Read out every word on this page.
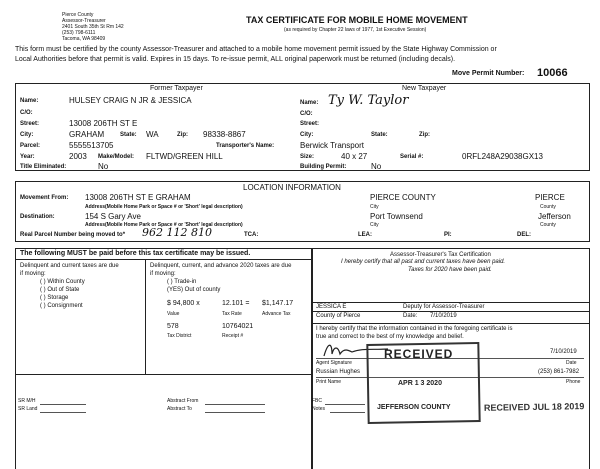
Pierce County
Assessor-Treasurer
2401 South 35th St Rm 142
(253) 798-6111
Tacoma, WA 98409
TAX CERTIFICATE FOR MOBILE HOME MOVEMENT
(as required by Chapter 22 laws of 1977, 1st Executive Session)
This form must be certified by the county Assessor-Treasurer and attached to a mobile home movement permit issued by the State Highway Commission or
Local Authorities before that permit is valid. Expires in 15 days. To re-issue permit, ALL original paperwork must be returned (including decals).
Move Permit Number: 10066
Former Taxpayer	New Taxpayer
Name:	HULSEY CRAIG N JR & JESSICA
C/O:
Street:	13008 206TH ST E
City:	GRAHAM	State: WA	Zip: 98338-8867
Parcel:	5555513705
Year:	2003 Make/Model: FLTWD/GREEN HILL
Title Eliminated:	No
Name: Ty W. Taylor
C/O:
Street:
City:	State:	Zip:
Transporter's Name:	Berwick Transport
Size:	40 x 27	Serial #:	0RFL248A29038GX13
Building Permit:	No
LOCATION INFORMATION
Movement From: 13008 206TH ST E GRAHAM	PIERCE COUNTY	PIERCE
Address(Mobile Home Park or Space # or 'Short' legal description)	City	County
Destination:	154 S Gary Ave	Port Townsend	Jefferson
Address(Mobile Home Park or Space # or 'Short' legal description)	City	County
Real Parcel Number being moved to* 962 112 810	TCA:	LEA:	PI:	DEL:
The following MUST be paid before this tax certificate may be issued.
Delinquent and current taxes are due
if moving:
( ) Within County
( ) Out of State
( ) Storage
( ) Consignment
Delinquent, current, and advance 2020 taxes are due
if moving:
( ) Trade-in
(YES) Out of county
$ 94,800 x	12.101 = $1,147.17
Value	Tax Rate	Advance Tax
578	10764021
Tax District	Receipt #
Assessor-Treasurer's Tax Certification
I hereby certify that all past and current taxes have been paid.
Taxes for 2020 have been paid.
JESSICA E	Deputy for Assessor-Treasurer
County of Pierce	Date: 7/10/2019
I hereby certify that the information contained in the foregoing certificate is
true and correct to the best of my knowledge and belief.
7/10/2019
Agent Signature	Date
Russian Hughes	(253) 861-7982
Print Name	Phone
RECEIVED
APR 1 3 2020
JEFFERSON COUNTY	RECEIVED JUL 18 2019
SR M/H
SR Land
Abstract From
Abstract To
FBC
Notes
